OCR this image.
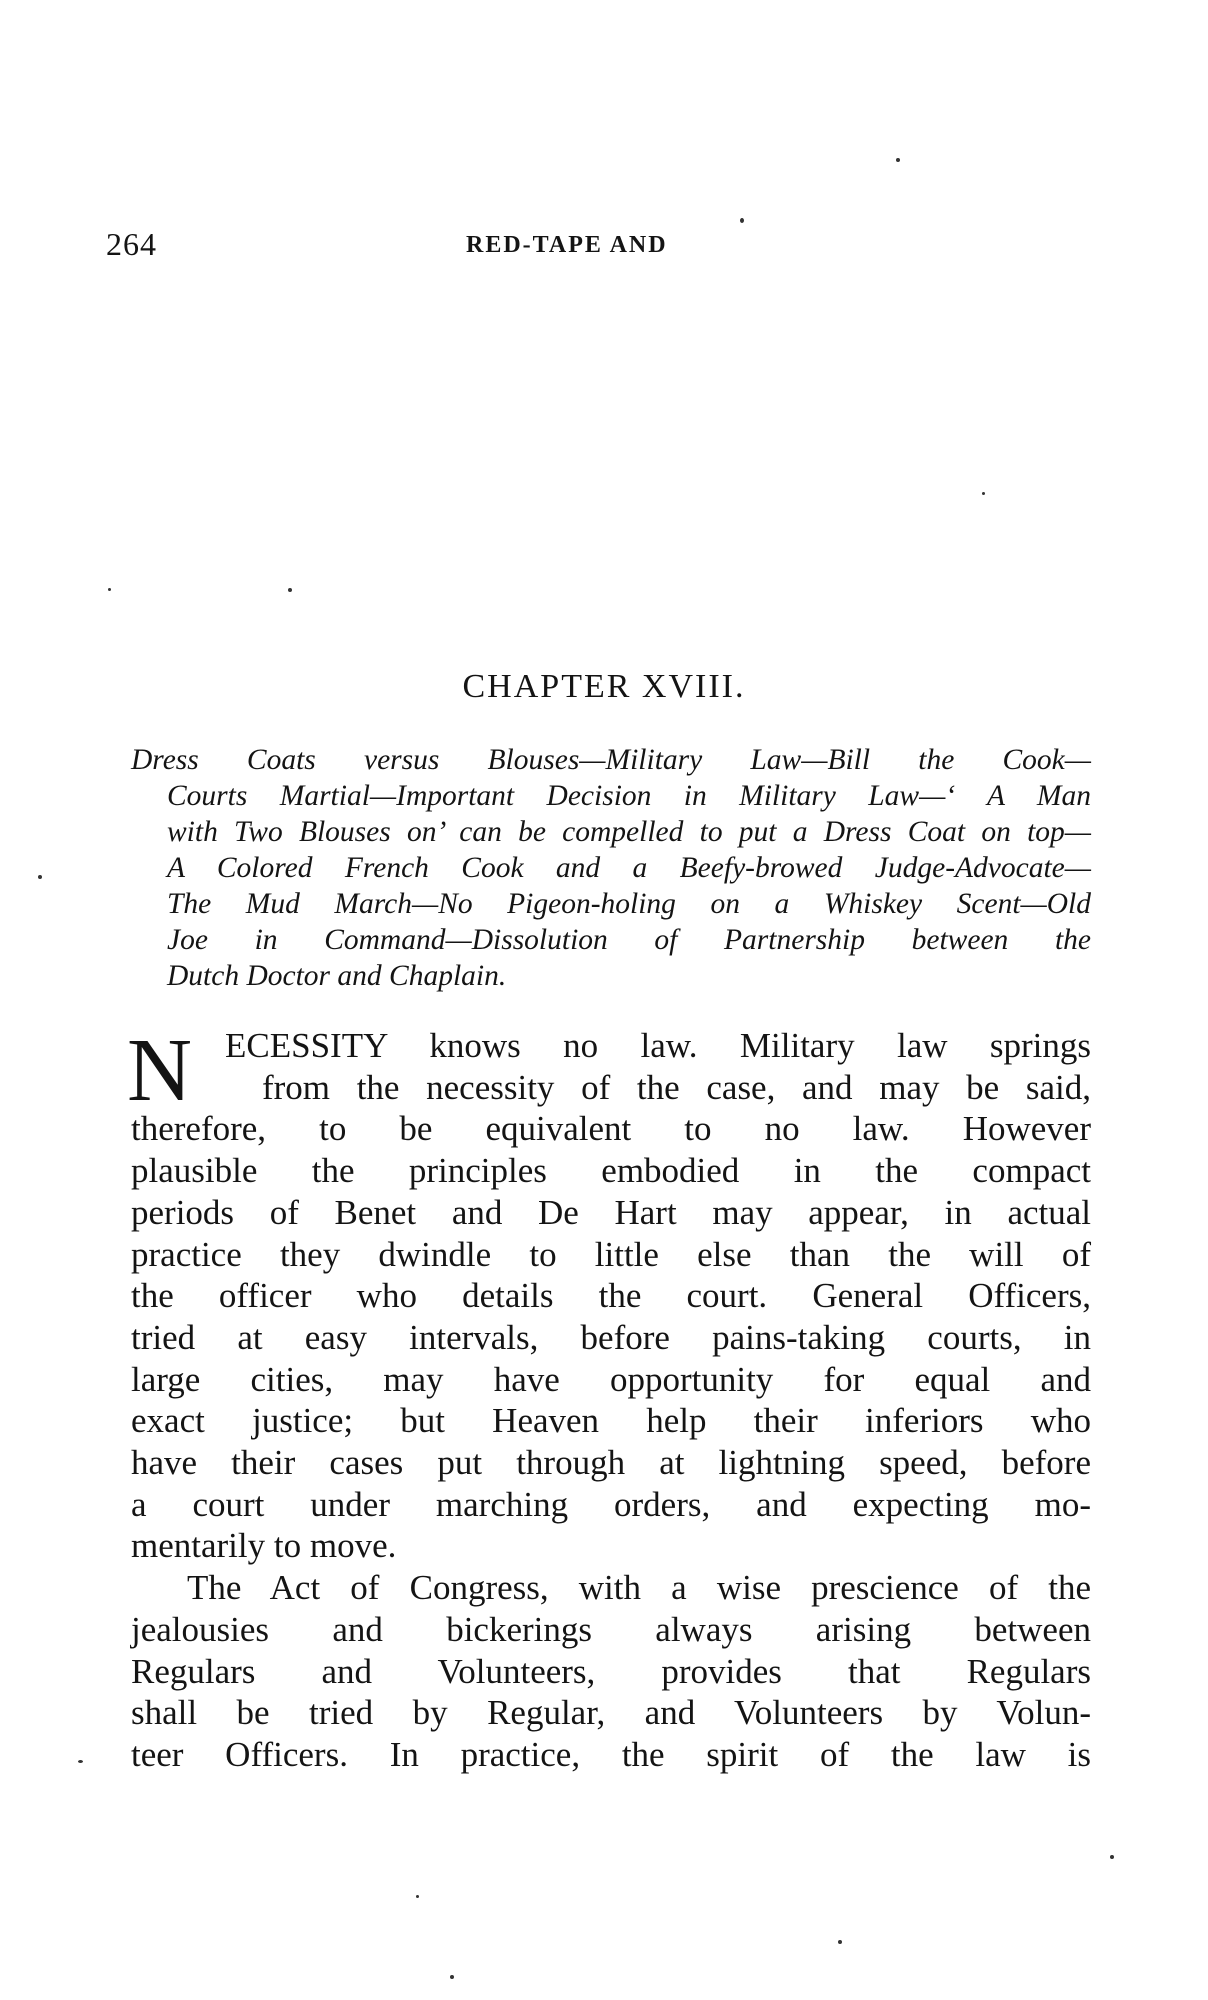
264	RED-TAPE AND
CHAPTER XVIII.
Dress Coats versus Blouses—Military Law—Bill the Cook—
Courts Martial—Important Decision in Military Law—‘ A Man
with Two Blouses on’ can be compelled to put a Dress Coat on top—
A Colored French Cook and a Beefy-browed Judge-Advocate—
The Mud March—No Pigeon-holing on a Whiskey Scent—Old
Joe in Command—Dissolution of Partnership between the
Dutch Doctor and Chaplain.
N ECESSITY knows no law. Military law springs
from the necessity of the case, and may be said,
therefore, to be equivalent to no law. However
plausible the principles embodied in the compact
periods of Benet and De Hart may appear, in actual
practice they dwindle to little else than the will of
the officer who details the court. General Officers,
tried at easy intervals, before pains-taking courts, in
large cities, may have opportunity for equal and
exact justice; but Heaven help their inferiors who
have their cases put through at lightning speed, before
a court under marching orders, and expecting mo-
mentarily to move.
The Act of Congress, with a wise prescience of the
jealousies and bickerings always arising between
Regulars and Volunteers, provides that Regulars
shall be tried by Regular, and Volunteers by Volun-
teer Officers. In practice, the spirit of the law is
